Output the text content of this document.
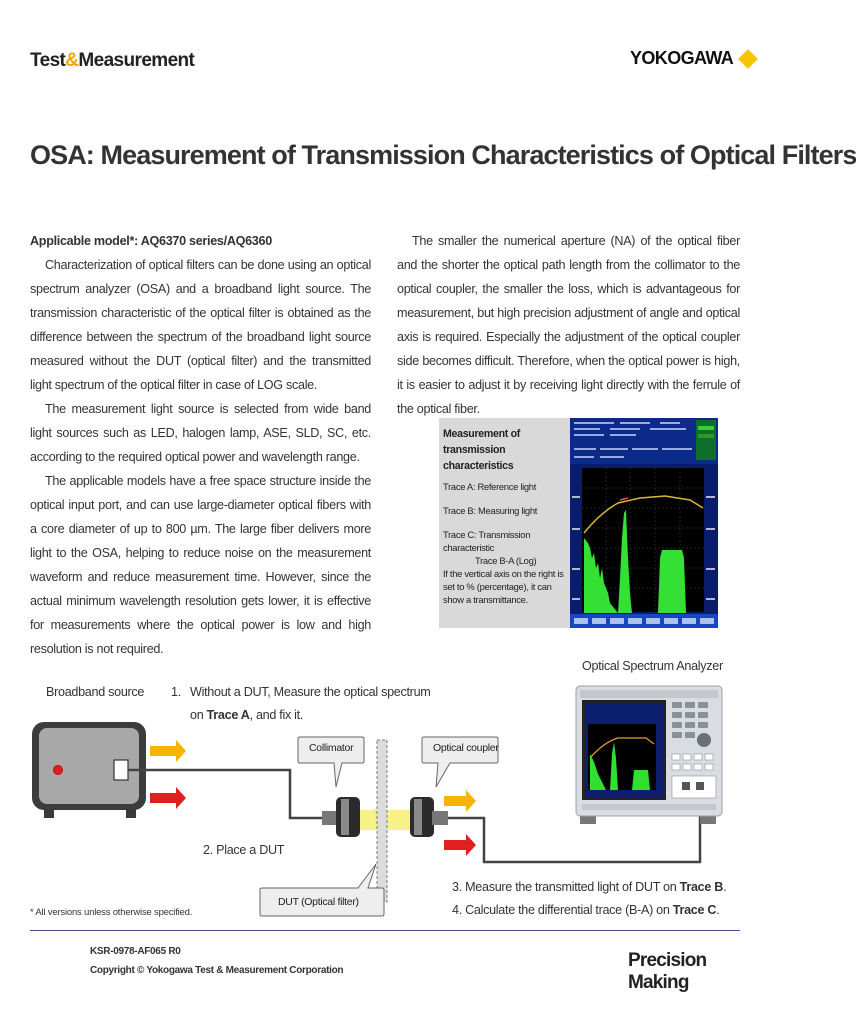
Test&Measurement	YOKOGAWA
OSA: Measurement of Transmission Characteristics of Optical Filters

Applicable model*: AQ6370 series/AQ6360

Characterization of optical filters can be done using an optical spectrum analyzer (OSA) and a broadband light source. The transmission characteristic of the optical filter is obtained as the difference between the spectrum of the broadband light source measured without the DUT (optical filter) and the transmitted light spectrum of the optical filter in case of LOG scale.

The measurement light source is selected from wide band light sources such as LED, halogen lamp, ASE, SLD, SC, etc. according to the required optical power and wavelength range.

The applicable models have a free space structure inside the optical input port, and can use large-diameter optical fibers with a core diameter of up to 800 µm. The large fiber delivers more light to the OSA, helping to reduce noise on the measurement waveform and reduce measurement time. However, since the actual minimum wavelength resolution gets lower, it is effective for measurements where the optical power is low and high resolution is not required.

The smaller the numerical aperture (NA) of the optical fiber and the shorter the optical path length from the collimator to the optical coupler, the smaller the loss, which is advantageous for measurement, but high precision adjustment of angle and optical axis is required. Especially the adjustment of the optical coupler side becomes difficult. Therefore, when the optical power is high, it is easier to adjust it by receiving light directly with the ferrule of the optical fiber.

Measurement of transmission characteristics
Trace A: Reference light
Trace B: Measuring light
Trace C: Transmission characteristic
Trace B-A (Log)
If the vertical axis on the right is set to % (percentage), it can show a transmittance.
Optical Spectrum Analyzer
Broadband source 1. Without a DUT, Measure the optical spectrum
on Trace A, and fix it.
Collimator	Optical coupler
DUT (Optical filter)
2. Place a DUT
3. Measure the transmitted light of DUT on Trace B.
4. Calculate the differential trace (B-A) on Trace C.
* All versions unless otherwise specified.
KSR-0978-AF065 R0
Copyright © Yokogawa Test & Measurement Corporation	Precision Making
